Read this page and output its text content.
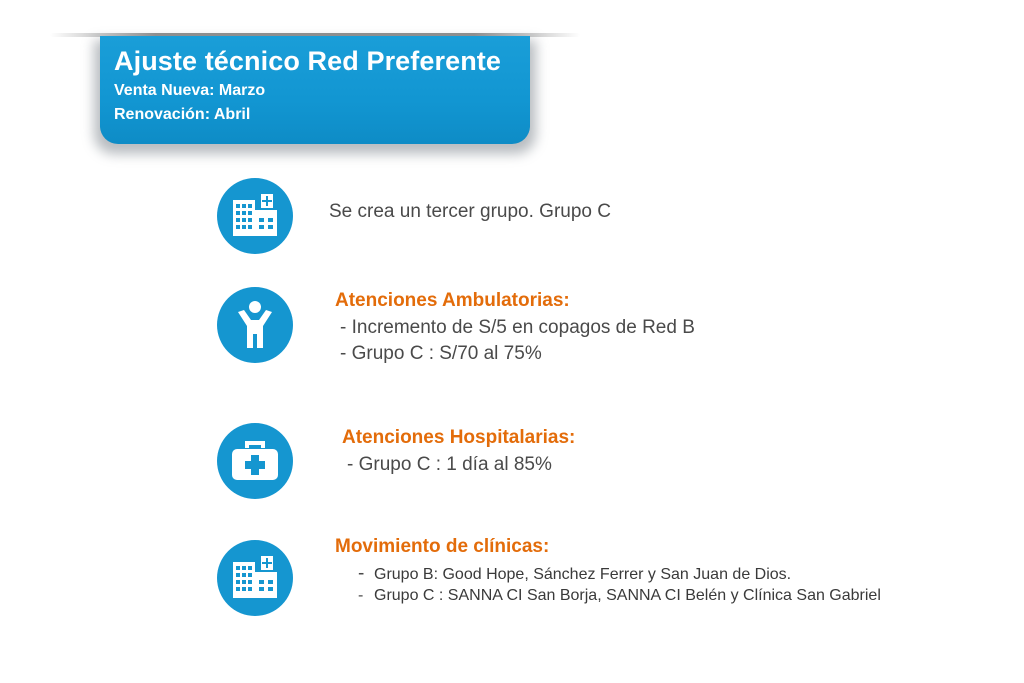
Ajuste técnico Red Preferente
Venta Nueva: Marzo
Renovación: Abril
Se crea un tercer grupo. Grupo C
Atenciones Ambulatorias:
- Incremento de S/5 en copagos de Red B
- Grupo C : S/70 al 75%
Atenciones Hospitalarias:
- Grupo C : 1 día al 85%
Movimiento de clínicas:
- Grupo B: Good Hope, Sánchez Ferrer y San Juan de Dios.
- Grupo C : SANNA CI San Borja, SANNA CI Belén y Clínica San Gabriel
